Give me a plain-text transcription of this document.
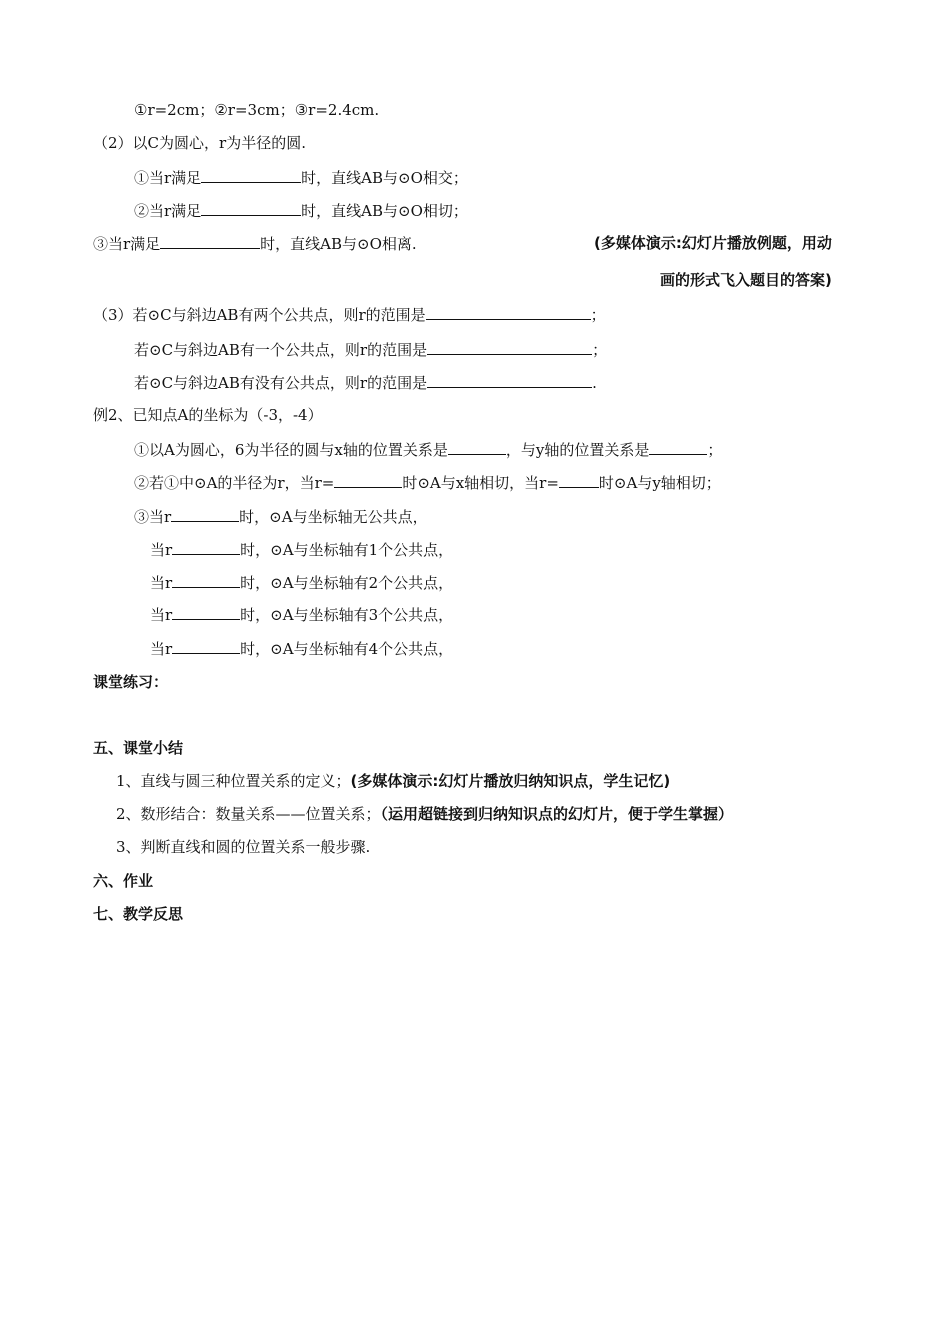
①r=2cm；②r=3cm；③r=2.4cm.
（2）以C为圆心，r为半径的圆.
①当r满足	时，直线AB与⊙O相交；
②当r满足	时，直线AB与⊙O相切；
③当r满足	时，直线AB与⊙O相离.	(多媒体演示:幻灯片播放例题，用动
画的形式飞入题目的答案)
（3）若⊙C与斜边AB有两个公共点，则r的范围是	；
若⊙C与斜边AB有一个公共点，则r的范围是	；
若⊙C与斜边AB有没有公共点，则r的范围是	.
例2、已知点A的坐标为（-3，-4）
①以A为圆心，6为半径的圆与x轴的位置关系是	，与y轴的位置关系是	；
②若①中⊙A的半径为r，当r=	时⊙A与x轴相切，当r=	时⊙A与y轴相切；
③当r	时，⊙A与坐标轴无公共点，
当r	时，⊙A与坐标轴有1个公共点，
当r	时，⊙A与坐标轴有2个公共点，
当r	时，⊙A与坐标轴有3个公共点，
当r	时，⊙A与坐标轴有4个公共点，
课堂练习：
五、课堂小结
1、直线与圆三种位置关系的定义；(多媒体演示:幻灯片播放归纳知识点，学生记忆)
2、数形结合：数量关系——位置关系；（运用超链接到归纳知识点的幻灯片，便于学生掌握）
3、判断直线和圆的位置关系一般步骤.
六、作业
七、教学反思
